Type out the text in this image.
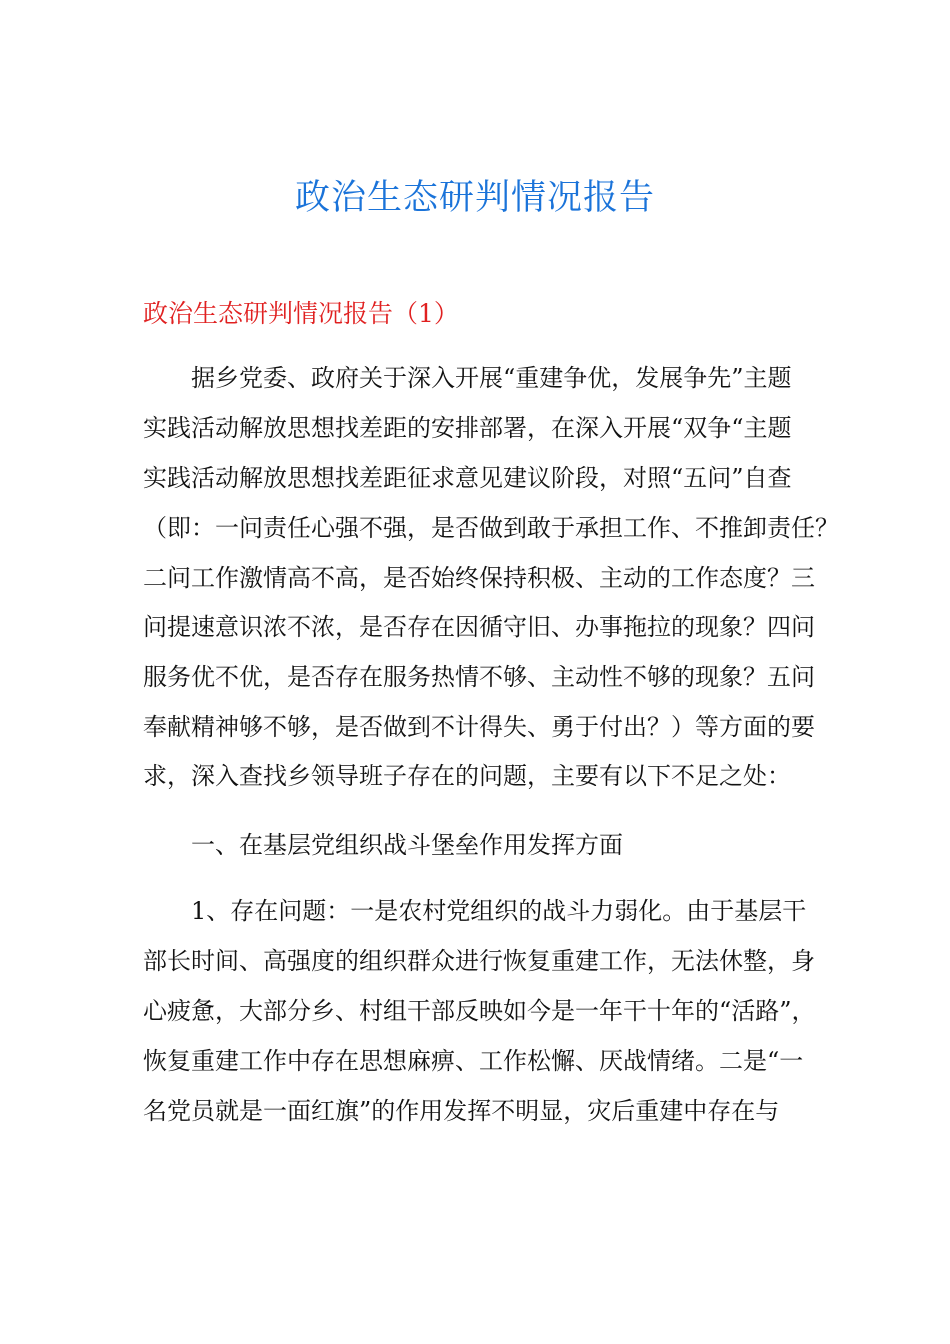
政治生态研判情况报告
政治生态研判情况报告（1）
据乡党委、政府关于深入开展“重建争优，发展争先”主题
实践活动解放思想找差距的安排部署，在深入开展“双争“主题
实践活动解放思想找差距征求意见建议阶段，对照“五问”自查
（即：一问责任心强不强，是否做到敢于承担工作、不推卸责任？
二问工作激情高不高，是否始终保持积极、主动的工作态度？三
问提速意识浓不浓，是否存在因循守旧、办事拖拉的现象？四问
服务优不优，是否存在服务热情不够、主动性不够的现象？五问
奉献精神够不够，是否做到不计得失、勇于付出？）等方面的要
求，深入查找乡领导班子存在的问题，主要有以下不足之处：
一、在基层党组织战斗堡垒作用发挥方面
1、存在问题：一是农村党组织的战斗力弱化。由于基层干
部长时间、高强度的组织群众进行恢复重建工作，无法休整，身
心疲惫，大部分乡、村组干部反映如今是一年干十年的“活路”，
恢复重建工作中存在思想麻痹、工作松懈、厌战情绪。二是“一
名党员就是一面红旗”的作用发挥不明显，灾后重建中存在与
